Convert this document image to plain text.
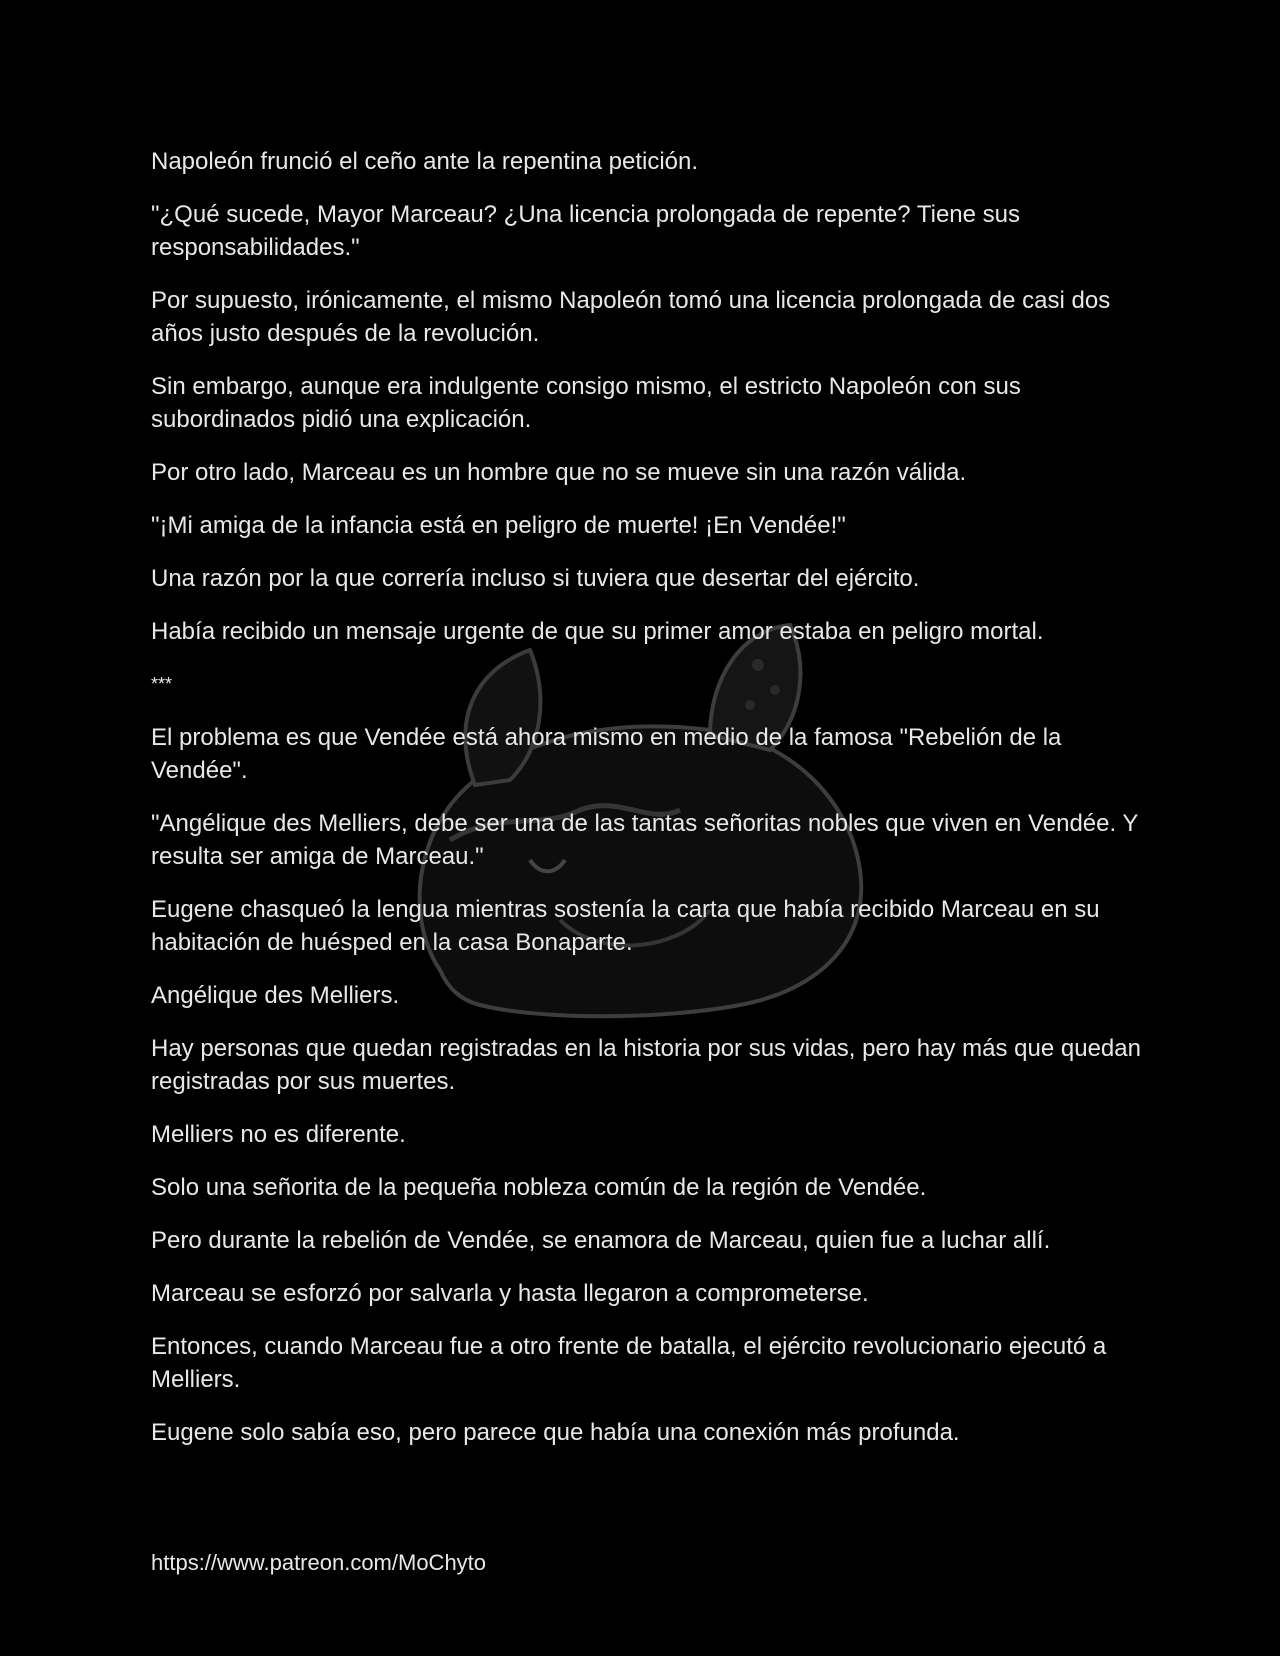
Napoleón frunció el ceño ante la repentina petición.

"¿Qué sucede, Mayor Marceau? ¿Una licencia prolongada de repente? Tiene sus responsabilidades."

Por supuesto, irónicamente, el mismo Napoleón tomó una licencia prolongada de casi dos años justo después de la revolución.

Sin embargo, aunque era indulgente consigo mismo, el estricto Napoleón con sus subordinados pidió una explicación.

Por otro lado, Marceau es un hombre que no se mueve sin una razón válida.

"¡Mi amiga de la infancia está en peligro de muerte! ¡En Vendée!"

Una razón por la que correría incluso si tuviera que desertar del ejército.

Había recibido un mensaje urgente de que su primer amor estaba en peligro mortal.

***

El problema es que Vendée está ahora mismo en medio de la famosa "Rebelión de la Vendée".

"Angélique des Melliers, debe ser una de las tantas señoritas nobles que viven en Vendée. Y resulta ser amiga de Marceau."

Eugene chasqueó la lengua mientras sostenía la carta que había recibido Marceau en su habitación de huésped en la casa Bonaparte.

Angélique des Melliers.

Hay personas que quedan registradas en la historia por sus vidas, pero hay más que quedan registradas por sus muertes.

Melliers no es diferente.

Solo una señorita de la pequeña nobleza común de la región de Vendée.

Pero durante la rebelión de Vendée, se enamora de Marceau, quien fue a luchar allí.

Marceau se esforzó por salvarla y hasta llegaron a comprometerse.

Entonces, cuando Marceau fue a otro frente de batalla, el ejército revolucionario ejecutó a Melliers.

Eugene solo sabía eso, pero parece que había una conexión más profunda.

https://www.patreon.com/MoChyto
